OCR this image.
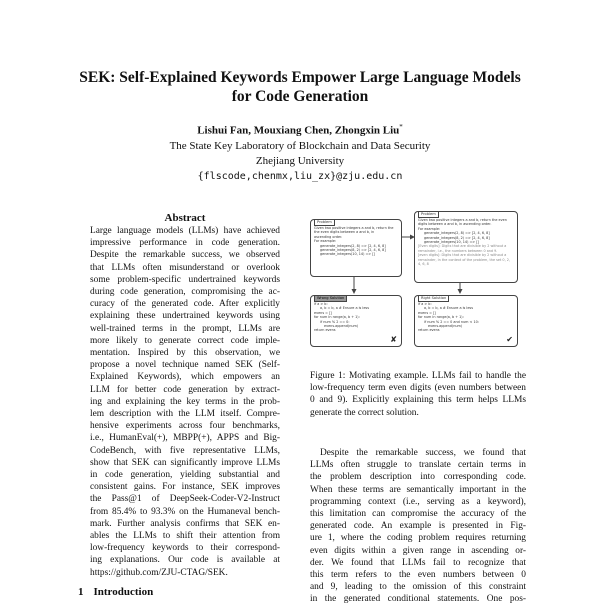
SEK: Self-Explained Keywords Empower Large Language Models
for Code Generation
Lishui Fan, Mouxiang Chen, Zhongxin Liu*
The State Key Laboratory of Blockchain and Data Security
Zhejiang University
{flscode,chenmx,liu_zx}@zju.edu.cn
Abstract
Large language models (LLMs) have achieved
impressive performance in code generation.
Despite the remarkable success, we observed
that LLMs often misunderstand or overlook
some problem-specific undertrained keywords
during code generation, compromising the ac-
curacy of the generated code. After explicitly
explaining these undertrained keywords using
well-trained terms in the prompt, LLMs are
more likely to generate correct code imple-
mentation. Inspired by this observation, we
propose a novel technique named SEK (Self-
Explained Keywords), which empowers an
LLM for better code generation by extract-
ing and explaining the key terms in the prob-
lem description with the LLM itself. Compre-
hensive experiments across four benchmarks,
i.e., HumanEval(+), MBPP(+), APPS and Big-
CodeBench, with five representative LLMs,
show that SEK can significantly improve LLMs
in code generation, yielding substantial and
consistent gains. For instance, SEK improves
the Pass@1 of DeepSeek-Coder-V2-Instruct
from 85.4% to 93.3% on the Humaneval bench-
mark. Further analysis confirms that SEK en-
ables the LLMs to shift their attention from
low-frequency keywords to their correspond-
ing explanations. Our code is available at
https://github.com/ZJU-CTAG/SEK.
1 Introduction
Problem
Given two positive integers a and b, return the
the even digits between a and b, in
ascending order.
For example:
generate_integers(2, 8) => [2, 4, 6, 8]
generate_integers(8, 2) => [2, 4, 6, 8]
generate_integers(10, 14) => []
Problem
Given two positive integers a and b, return the even
digits between a and b, in ascending order.
For example:
generate_integers(2, 8) => [2, 4, 6, 8]
generate_integers(8, 2) => [2, 4, 6, 8]
generate_integers(10, 14) => []
[Even digits]: Digits that are divisible by 2 without a
remainder, i.e., the numbers between 0 and 9.
[even digits]: Digits that are divisible by 2 without a
remainder, in the context of the problem, the set 0, 2,
4, 6, 8
Wrong Solution
if a > b:
a, b = b, a # Ensure a is less
evens = []
for num in range(a, b + 1):
if num % 2 == 0:
evens.append(num)
return evens
✘
Right Solution
if a > b:
a, b = b, a # Ensure a is less
evens = []
for num in range(a, b + 1):
if num % 2 == 0 and num < 10:
evens.append(num)
return evens
✔
Figure 1: Motivating example. LLMs fail to handle the
low-frequency term even digits (even numbers between
0 and 9). Explicitly explaining this term helps LLMs
generate the correct solution.
Despite the remarkable success, we found that
LLMs often struggle to translate certain terms in
the problem description into corresponding code.
When these terms are semantically important in the
programming context (i.e., serving as a keyword),
this limitation can compromise the accuracy of the
generated code. An example is presented in Fig-
ure 1, where the coding problem requires returning
even digits within a given range in ascending or-
der. We found that LLMs fail to recognize that
this term refers to the even numbers between 0
and 9, leading to the omission of this constraint
in the generated conditional statements. One pos-
